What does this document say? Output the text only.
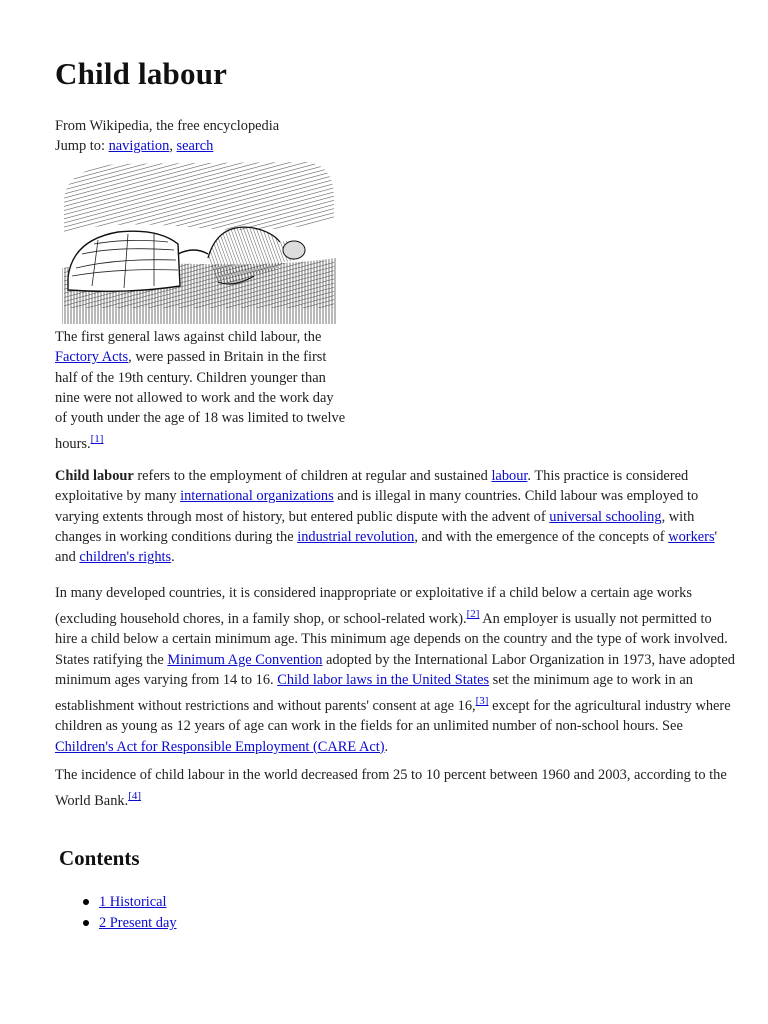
Child labour
From Wikipedia, the free encyclopedia
Jump to: navigation, search
The first general laws against child labour, the Factory Acts, were passed in Britain in the first half of the 19th century. Children younger than nine were not allowed to work and the work day of youth under the age of 18 was limited to twelve hours.[1]

Child labour refers to the employment of children at regular and sustained labour. This practice is considered exploitative by many international organizations and is illegal in many countries. Child labour was employed to varying extents through most of history, but entered public dispute with the advent of universal schooling, with changes in working conditions during the industrial revolution, and with the emergence of the concepts of workers' and children's rights.

In many developed countries, it is considered inappropriate or exploitative if a child below a certain age works (excluding household chores, in a family shop, or school-related work).[2] An employer is usually not permitted to hire a child below a certain minimum age. This minimum age depends on the country and the type of work involved. States ratifying the Minimum Age Convention adopted by the International Labor Organization in 1973, have adopted minimum ages varying from 14 to 16. Child labor laws in the United States set the minimum age to work in an establishment without restrictions and without parents' consent at age 16,[3] except for the agricultural industry where children as young as 12 years of age can work in the fields for an unlimited number of non-school hours. See Children's Act for Responsible Employment (CARE Act).

The incidence of child labour in the world decreased from 25 to 10 percent between 1960 and 2003, according to the World Bank.[4]

Contents
1 Historical
2 Present day
